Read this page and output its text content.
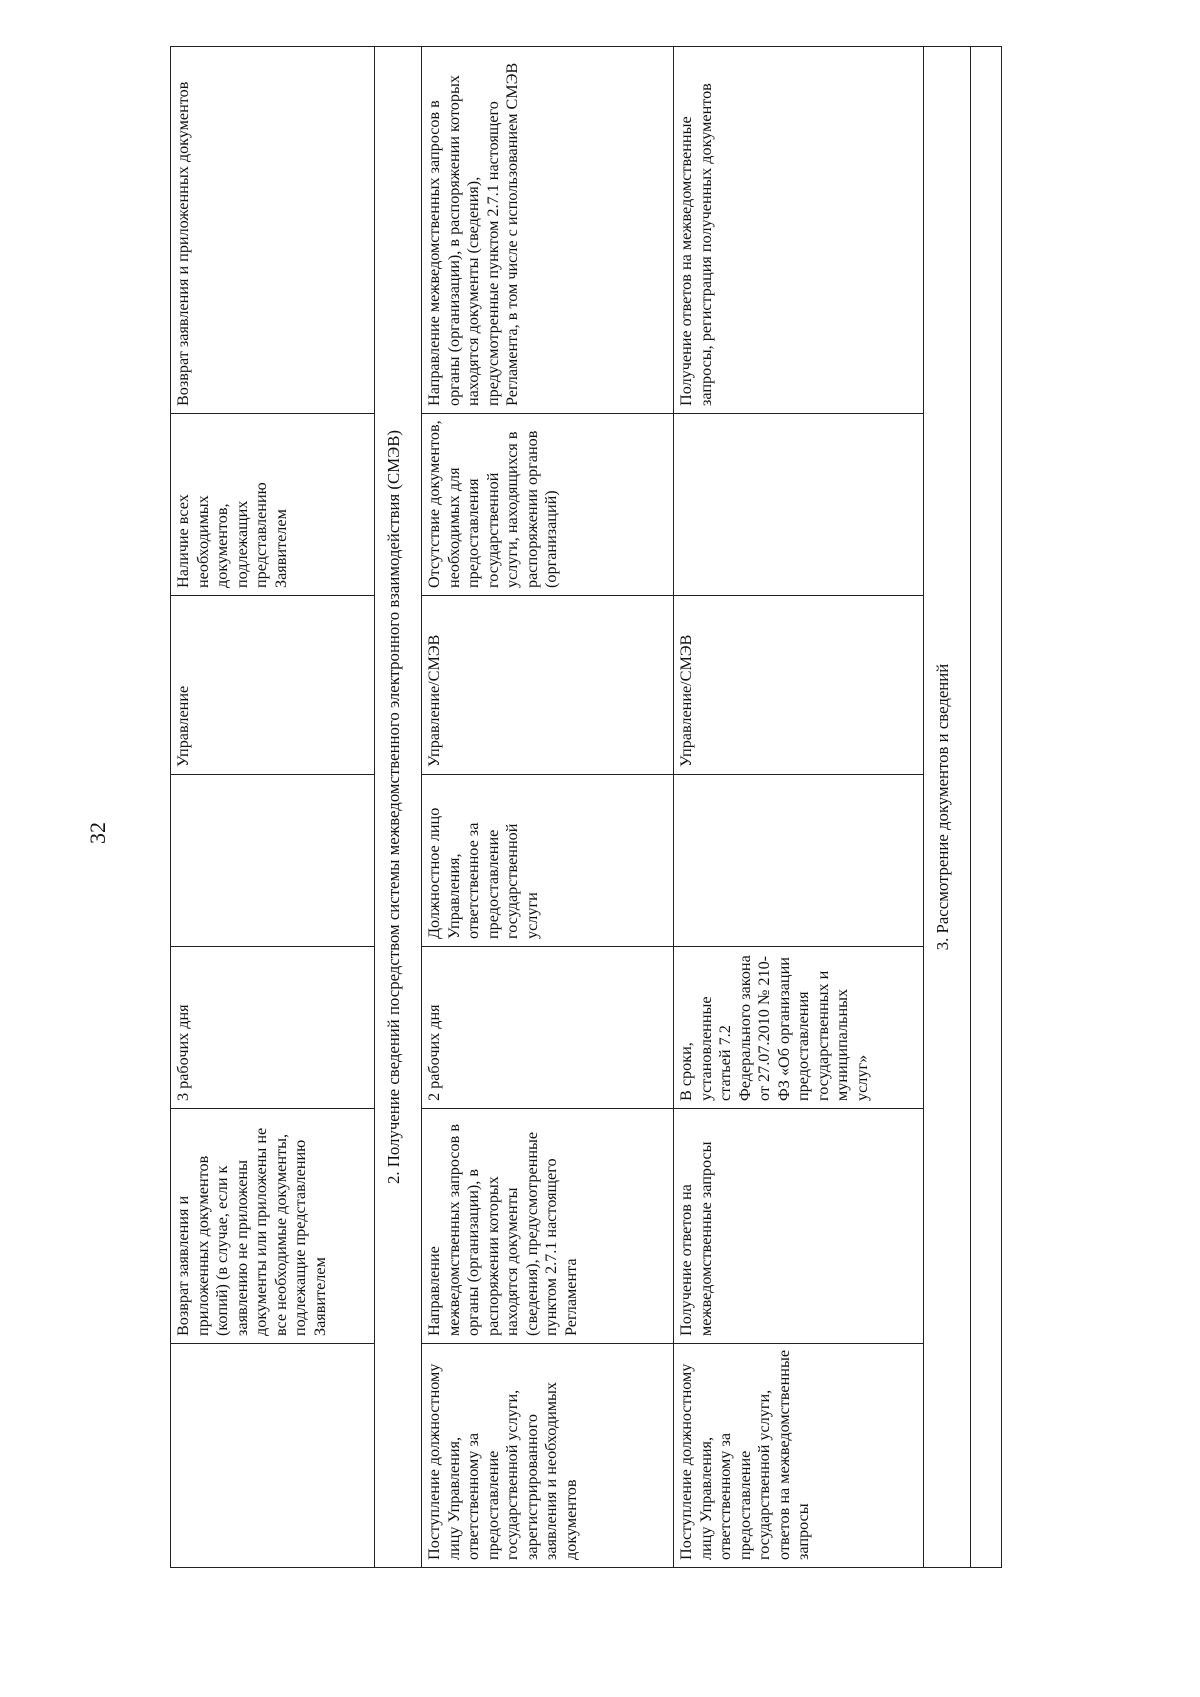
32
Возврат заявления и приложенных документов (копий) (в случае, если к заявлению не приложены документы или приложены не все необходимые документы, подлежащие представлению Заявителем
3 рабочих дня
Управление
Наличие всех необходимых документов, подлежащих представлению Заявителем
Возврат заявления и приложенных документов
2. Получение сведений посредством системы межведомственного электронного взаимодействия (СМЭВ)
Поступление должностному лицу Управления, ответственному за предоставление государственной услуги, зарегистрированного заявления и необходимых документов
Направление межведомственных запросов в органы (организации), в распоряжении которых находятся документы (сведения), предусмотренные пунктом 2.7.1 настоящего Регламента
2 рабочих дня
Должностное лицо Управления, ответственное за предоставление государственной услуги
Управление/СМЭВ
Отсутствие документов, необходимых для предоставления государственной услуги, находящихся в распоряжении органов (организаций)
Направление межведомственных запросов в органы (организации), в распоряжении которых находятся документы (сведения), предусмотренные пунктом 2.7.1 настоящего Регламента, в том числе с использованием СМЭВ
Поступление должностному лицу Управления, ответственному за предоставление государственной услуги, ответов на межведомственные запросы
Получение ответов на межведомственные запросы
В сроки, установленные статьей 7.2 Федерального закона от 27.07.2010 № 210-ФЗ «Об организации предоставления государственных и муниципальных услуг»
Управление/СМЭВ
Получение ответов на межведомственные запросы, регистрация полученных документов
3. Рассмотрение документов и сведений
